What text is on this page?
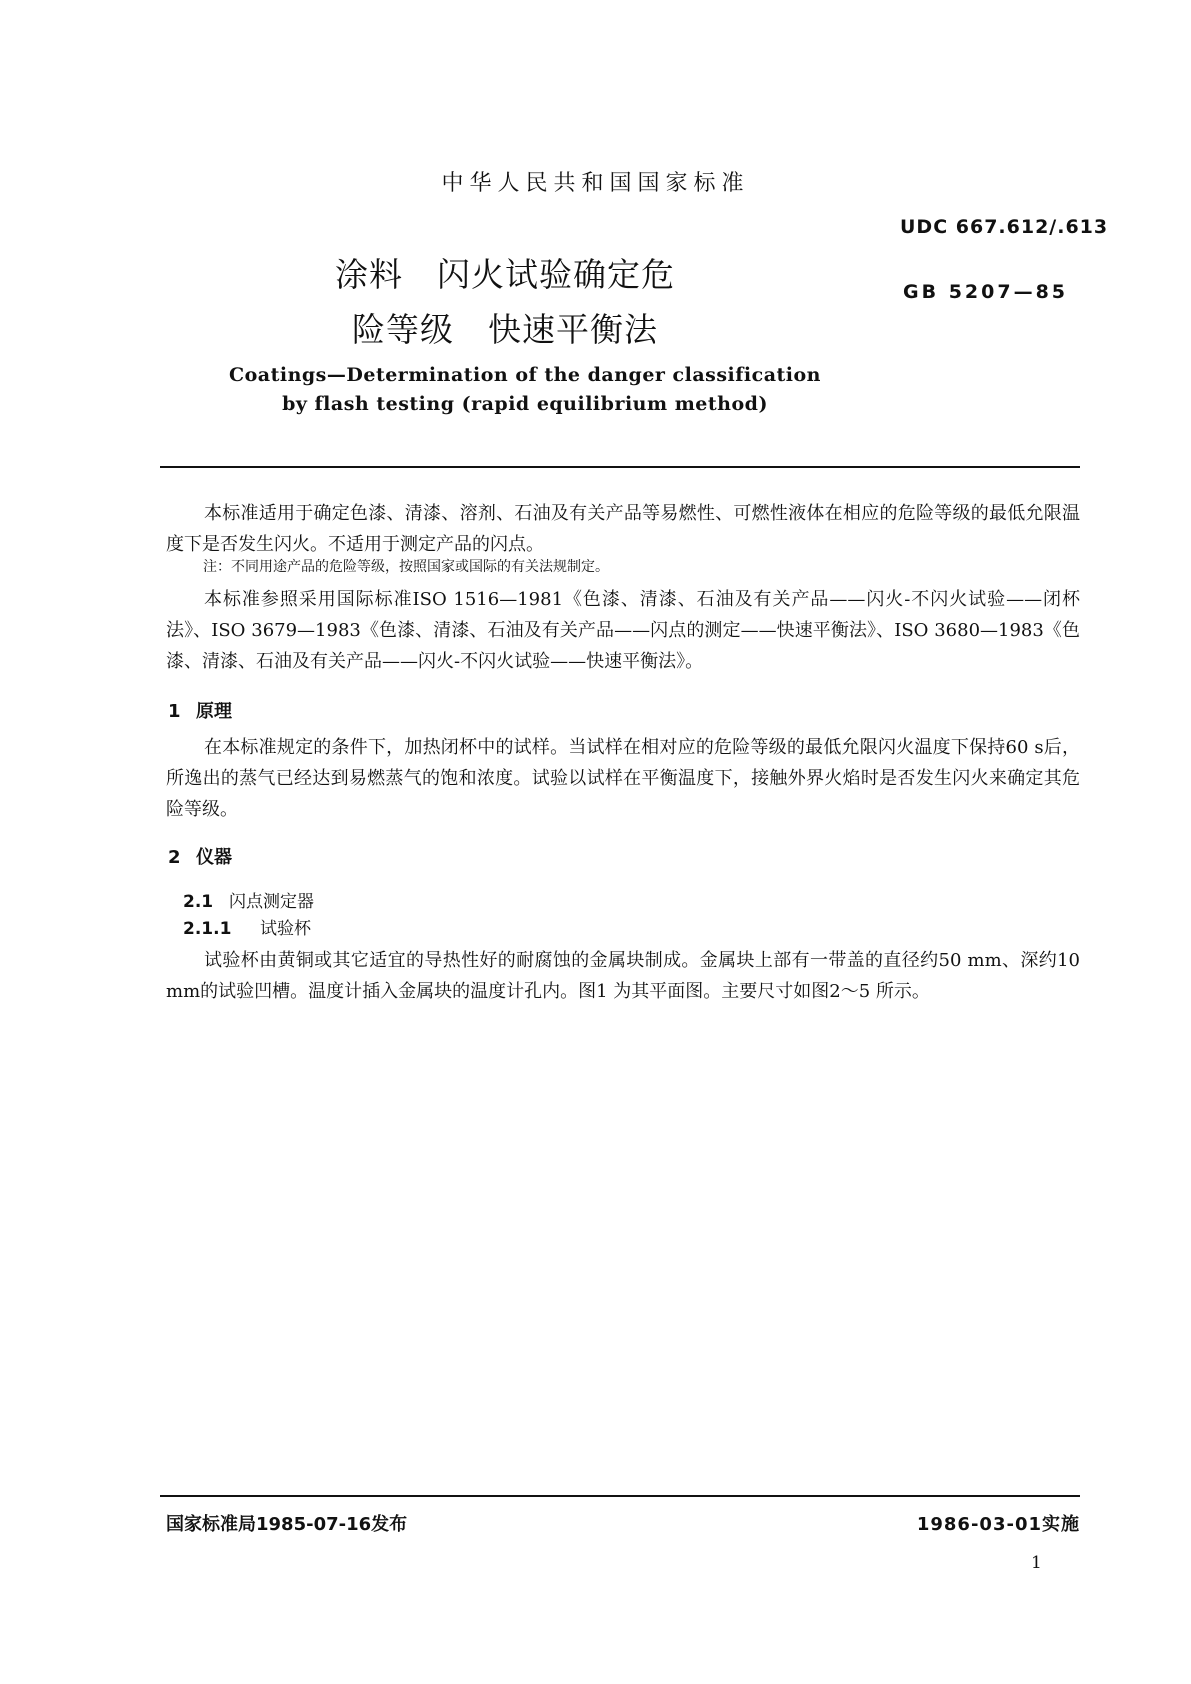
中华人民共和国国家标准
UDC 667.612/.613
GB 5207—85
涂料　闪火试验确定危
险等级　快速平衡法
Coatings—Determination of the danger classification
by flash testing (rapid equilibrium method)
本标准适用于确定色漆、清漆、溶剂、石油及有关产品等易燃性、可燃性液体在相应的危险等级的最低允限温度下是否发生闪火。不适用于测定产品的闪点。
注：不同用途产品的危险等级，按照国家或国际的有关法规制定。
本标准参照采用国际标准ISO 1516—1981《色漆、清漆、石油及有关产品——闪火-不闪火试验——闭杯法》、ISO 3679—1983《色漆、清漆、石油及有关产品——闪点的测定——快速平衡法》、ISO 3680—1983《色漆、清漆、石油及有关产品——闪火-不闪火试验——快速平衡法》。
1 原理
在本标准规定的条件下，加热闭杯中的试样。当试样在相对应的危险等级的最低允限闪火温度下保持60 s后，所逸出的蒸气已经达到易燃蒸气的饱和浓度。试验以试样在平衡温度下，接触外界火焰时是否发生闪火来确定其危险等级。
2 仪器
2.1 闪点测定器
2.1.1 试验杯
试验杯由黄铜或其它适宜的导热性好的耐腐蚀的金属块制成。金属块上部有一带盖的直径约50 mm、深约10 mm的试验凹槽。温度计插入金属块的温度计孔内。图1 为其平面图。主要尺寸如图2～5 所示。
国家标准局1985-07-16发布	1986-03-01实施
1
